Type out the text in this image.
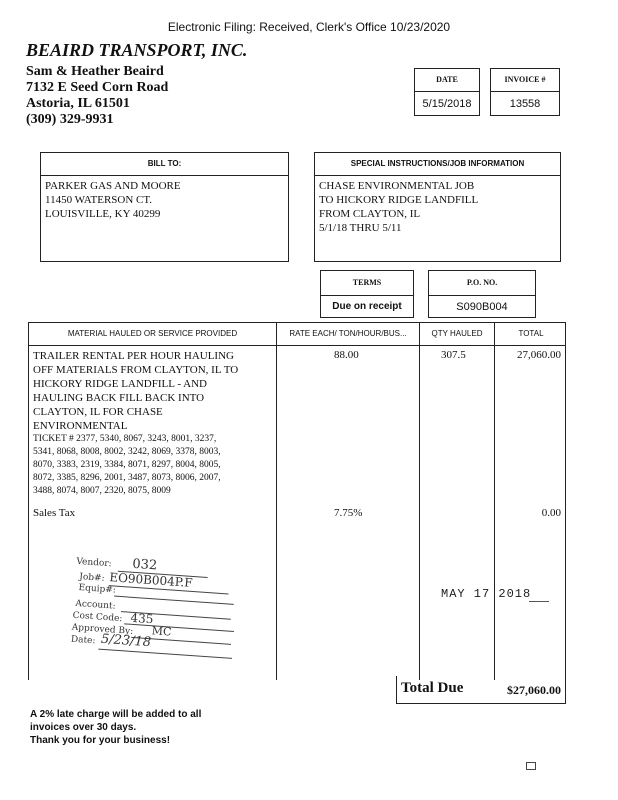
Electronic Filing: Received, Clerk's Office 10/23/2020
BEAIRD TRANSPORT, INC.
Sam & Heather Beaird
7132 E Seed Corn Road
Astoria, IL 61501
(309) 329-9931
DATE
5/15/2018
INVOICE #
13558
BILL TO:
PARKER GAS AND MOORE
11450 WATERSON CT.
LOUISVILLE, KY 40299
SPECIAL INSTRUCTIONS/JOB INFORMATION
CHASE ENVIRONMENTAL JOB
TO HICKORY RIDGE LANDFILL
FROM CLAYTON, IL
5/1/18 THRU 5/11
TERMS
Due on receipt
P.O. NO.
S090B004
MATERIAL HAULED OR SERVICE PROVIDED	RATE EACH/ TON/HOUR/BUS...	QTY HAULED	TOTAL
TRAILER RENTAL PER HOUR HAULING
OFF MATERIALS FROM CLAYTON, IL TO
HICKORY RIDGE LANDFILL - AND
HAULING BACK FILL BACK INTO
CLAYTON, IL FOR CHASE
ENVIRONMENTAL
TICKET # 2377, 5340, 8067, 3243, 8001, 3237,
5341, 8068, 8008, 8002, 3242, 8069, 3378, 8003,
8070, 3383, 2319, 3384, 8071, 8297, 8004, 8005,
8072, 3385, 8296, 2001, 3487, 8073, 8006, 2007,
3488, 8074, 8007, 2320, 8075, 8009
88.00	307.5	27,060.00
Sales Tax	7.75%	0.00
MAY 17 2018
Vendor: 032
Job#: EO90B004P.F
Equip#:
Account:
Cost Code: 435
Approved By: MC
Date: 5/23/18
Total Due	$27,060.00
A 2% late charge will be added to all
invoices over 30 days.
Thank you for your business!
